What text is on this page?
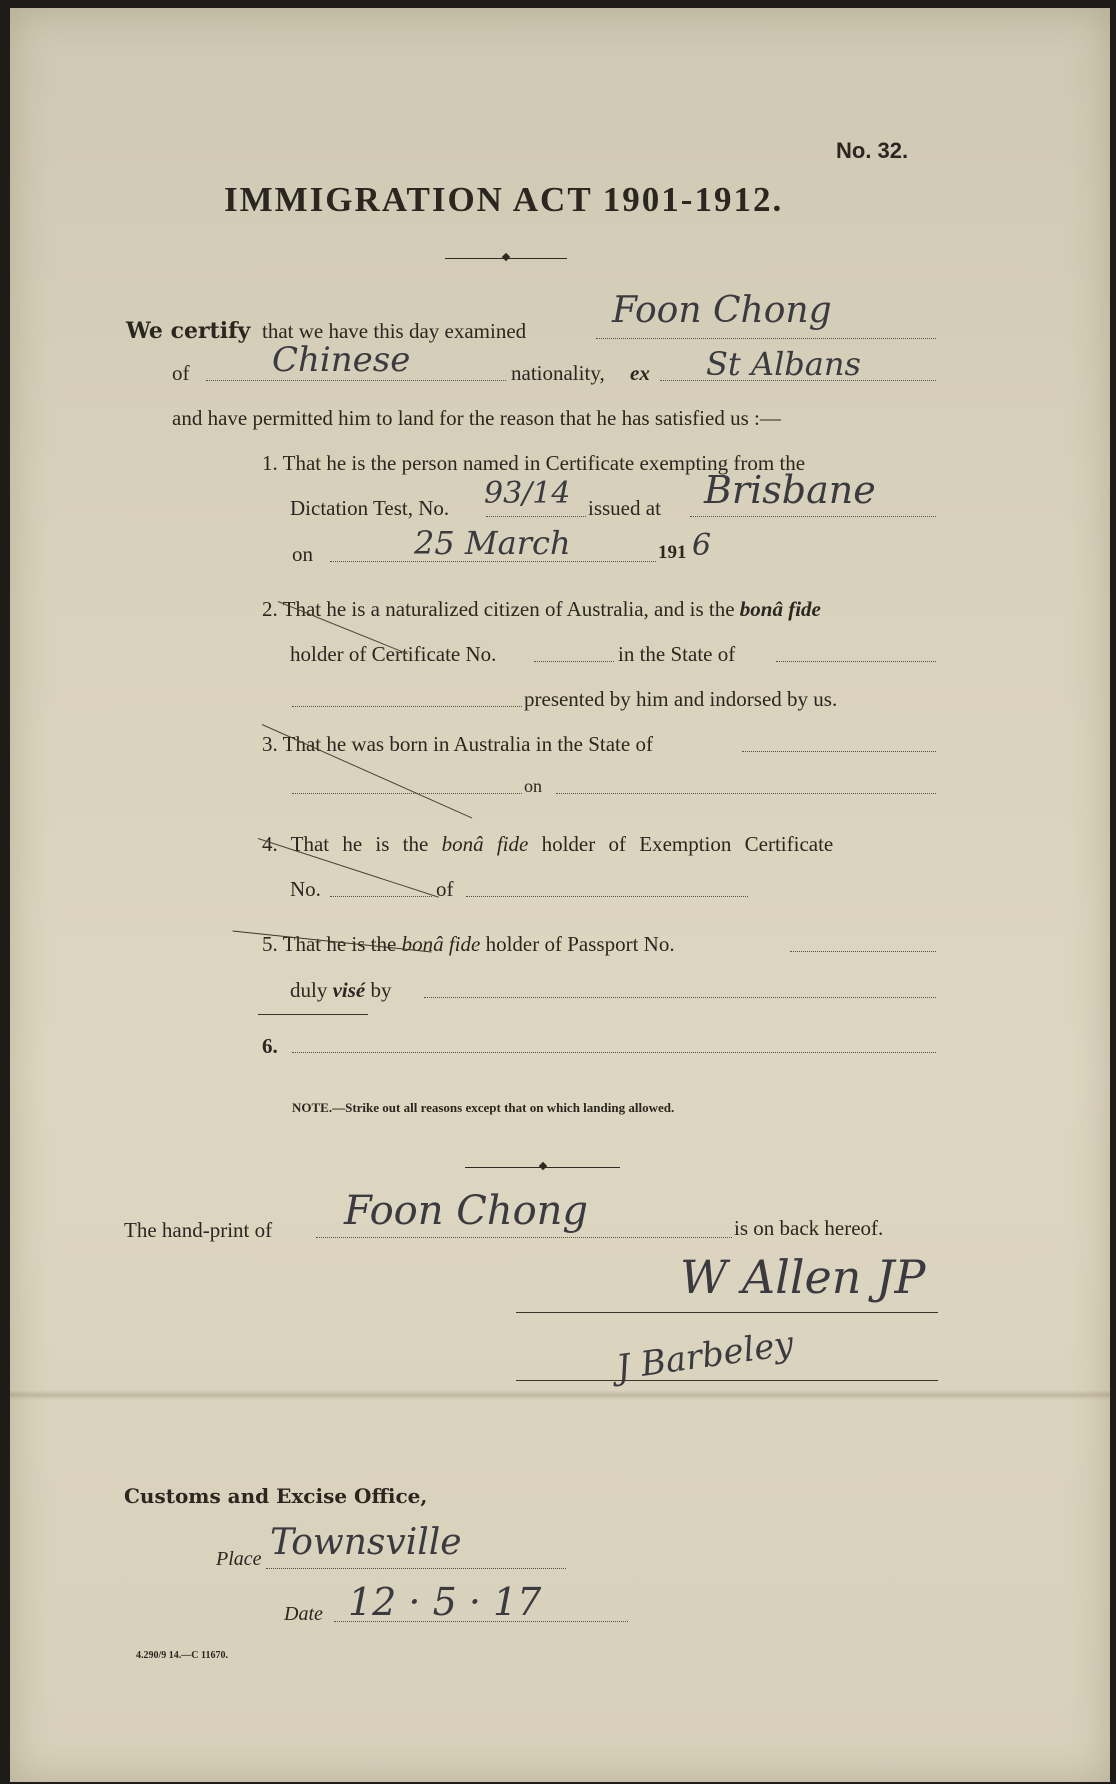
No. 32.
IMMIGRATION ACT 1901-1912.
We certify that we have this day examined Foon Chong
of Chinese	nationality, ex St Albans
and have permitted him to land for the reason that he has satisfied us :—
1. That he is the person named in Certificate exempting from the
Dictation Test, No. 93/14 issued at Brisbane
on	25 March	191 6
2. That he is a naturalized citizen of Australia, and is the bonâ fide
holder of Certificate No.	in the State of
presented by him and indorsed by us.
3. That he was born in Australia in the State of
on
4. That he is the bonâ fide holder of Exemption Certificate
No.	of
5. That he is the bonâ fide holder of Passport No.
duly visé by
6.
NOTE.—Strike out all reasons except that on which landing allowed.
The hand-print of Foon Chong	is on back hereof.
W Allen JP
J Barbeley
Customs and Excise Office,
Place Townsville
Date 12 · 5 · 17
4.290/9 14.—C 11670.
